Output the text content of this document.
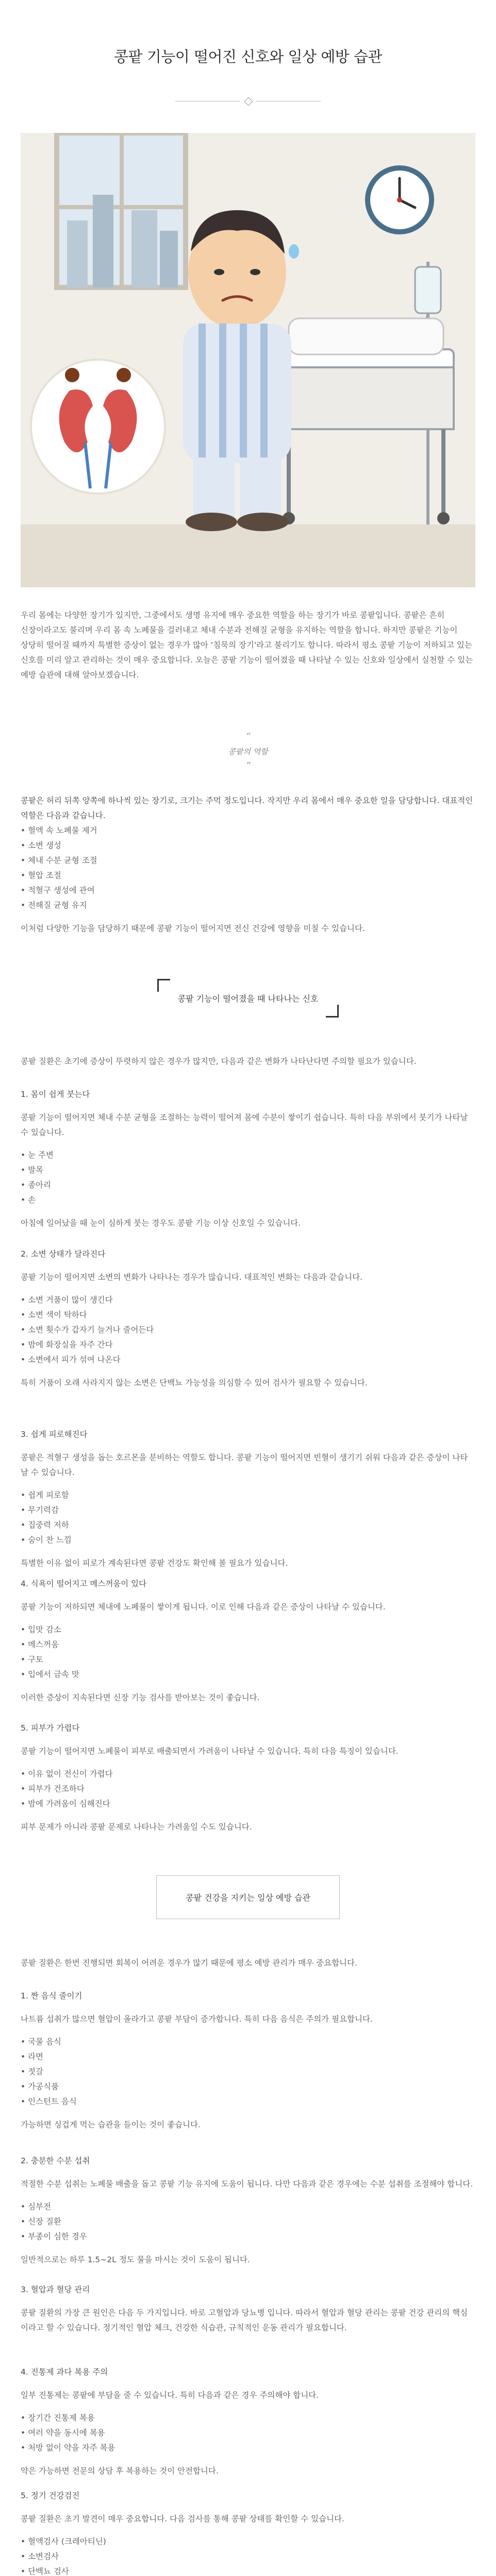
콩팥 기능이 떨어진 신호와 일상 예방 습관

우리 몸에는 다양한 장기가 있지만, 그중에서도 생명 유지에 매우 중요한 역할을 하는 장기가 바로 콩팥입니다. 콩팥은 흔히 신장이라고도 불리며 우리 몸 속 노폐물을 걸러내고 체내 수분과 전해질 균형을 유지하는 역할을 합니다. 하지만 콩팥은 기능이 상당히 떨어질 때까지 특별한 증상이 없는 경우가 많아 '침묵의 장기'라고 불리기도 합니다. 따라서 평소 콩팥 기능이 저하되고 있는 신호를 미리 알고 관리하는 것이 매우 중요합니다. 오늘은 콩팥 기능이 떨어졌을 때 나타날 수 있는 신호와 일상에서 실천할 수 있는 예방 습관에 대해 알아보겠습니다.

“
콩팥의 역할
”

콩팥은 허리 뒤쪽 양쪽에 하나씩 있는 장기로, 크기는 주먹 정도입니다. 작지만 우리 몸에서 매우 중요한 일을 담당합니다. 대표적인 역할은 다음과 같습니다.

• 혈액 속 노폐물 제거
• 소변 생성
• 체내 수분 균형 조절
• 혈압 조절
• 적혈구 생성에 관여
• 전해질 균형 유지

이처럼 다양한 기능을 담당하기 때문에 콩팥 기능이 떨어지면 전신 건강에 영향을 미칠 수 있습니다.

콩팥 기능이 떨어졌을 때 나타나는 신호

콩팥 질환은 초기에 증상이 뚜렷하지 않은 경우가 많지만, 다음과 같은 변화가 나타난다면 주의할 필요가 있습니다.

1. 몸이 쉽게 붓는다

콩팥 기능이 떨어지면 체내 수분 균형을 조절하는 능력이 떨어져 몸에 수분이 쌓이기 쉽습니다. 특히 다음 부위에서 붓기가 나타날 수 있습니다.

• 눈 주변
• 발목
• 종아리
• 손

아침에 일어났을 때 눈이 심하게 붓는 경우도 콩팥 기능 이상 신호일 수 있습니다.

2. 소변 상태가 달라진다

콩팥 기능이 떨어지면 소변의 변화가 나타나는 경우가 많습니다. 대표적인 변화는 다음과 같습니다.

• 소변 거품이 많이 생긴다
• 소변 색이 탁하다
• 소변 횟수가 갑자기 늘거나 줄어든다
• 밤에 화장실을 자주 간다
• 소변에서 피가 섞여 나온다

특히 거품이 오래 사라지지 않는 소변은 단백뇨 가능성을 의심할 수 있어 검사가 필요할 수 있습니다.

3. 쉽게 피로해진다

콩팥은 적혈구 생성을 돕는 호르몬을 분비하는 역할도 합니다. 콩팥 기능이 떨어지면 빈혈이 생기기 쉬워 다음과 같은 증상이 나타날 수 있습니다.

• 쉽게 피로함
• 무기력감
• 집중력 저하
• 숨이 찬 느낌

특별한 이유 없이 피로가 계속된다면 콩팥 건강도 확인해 볼 필요가 있습니다.

4. 식욕이 떨어지고 메스꺼움이 있다

콩팥 기능이 저하되면 체내에 노폐물이 쌓이게 됩니다. 이로 인해 다음과 같은 증상이 나타날 수 있습니다.

• 입맛 감소
• 메스꺼움
• 구토
• 입에서 금속 맛

이러한 증상이 지속된다면 신장 기능 검사를 받아보는 것이 좋습니다.

5. 피부가 가렵다

콩팥 기능이 떨어지면 노폐물이 피부로 배출되면서 가려움이 나타날 수 있습니다. 특히 다음 특징이 있습니다.

• 이유 없이 전신이 가렵다
• 피부가 건조하다
• 밤에 가려움이 심해진다

피부 문제가 아니라 콩팥 문제로 나타나는 가려움일 수도 있습니다.

콩팥 건강을 지키는 일상 예방 습관

콩팥 질환은 한번 진행되면 회복이 어려운 경우가 많기 때문에 평소 예방 관리가 매우 중요합니다.

1. 짠 음식 줄이기

나트륨 섭취가 많으면 혈압이 올라가고 콩팥 부담이 증가합니다. 특히 다음 음식은 주의가 필요합니다.

• 국물 음식
• 라면
• 젓갈
• 가공식품
• 인스턴트 음식

가능하면 싱겁게 먹는 습관을 들이는 것이 좋습니다.

2. 충분한 수분 섭취

적절한 수분 섭취는 노폐물 배출을 돕고 콩팥 기능 유지에 도움이 됩니다. 다만 다음과 같은 경우에는 수분 섭취를 조절해야 합니다.

• 심부전
• 신장 질환
• 부종이 심한 경우

일반적으로는 하루 1.5~2L 정도 물을 마시는 것이 도움이 됩니다.

3. 혈압과 혈당 관리

콩팥 질환의 가장 큰 원인은 다음 두 가지입니다. 바로 고혈압과 당뇨병 입니다. 따라서 혈압과 혈당 관리는 콩팥 건강 관리의 핵심이라고 할 수 있습니다. 정기적인 혈압 체크, 건강한 식습관, 규칙적인 운동 관리가 필요합니다.

4. 진통제 과다 복용 주의

일부 진통제는 콩팥에 부담을 줄 수 있습니다. 특히 다음과 같은 경우 주의해야 합니다.

• 장기간 진통제 복용
• 여러 약을 동시에 복용
• 처방 없이 약을 자주 복용

약은 가능하면 전문의 상담 후 복용하는 것이 안전합니다.

5. 정기 건강검진

콩팥 질환은 초기 발견이 매우 중요합니다. 다음 검사를 통해 콩팥 상태를 확인할 수 있습니다.

• 혈액검사 (크레아티닌)
• 소변검사
• 단백뇨 검사
